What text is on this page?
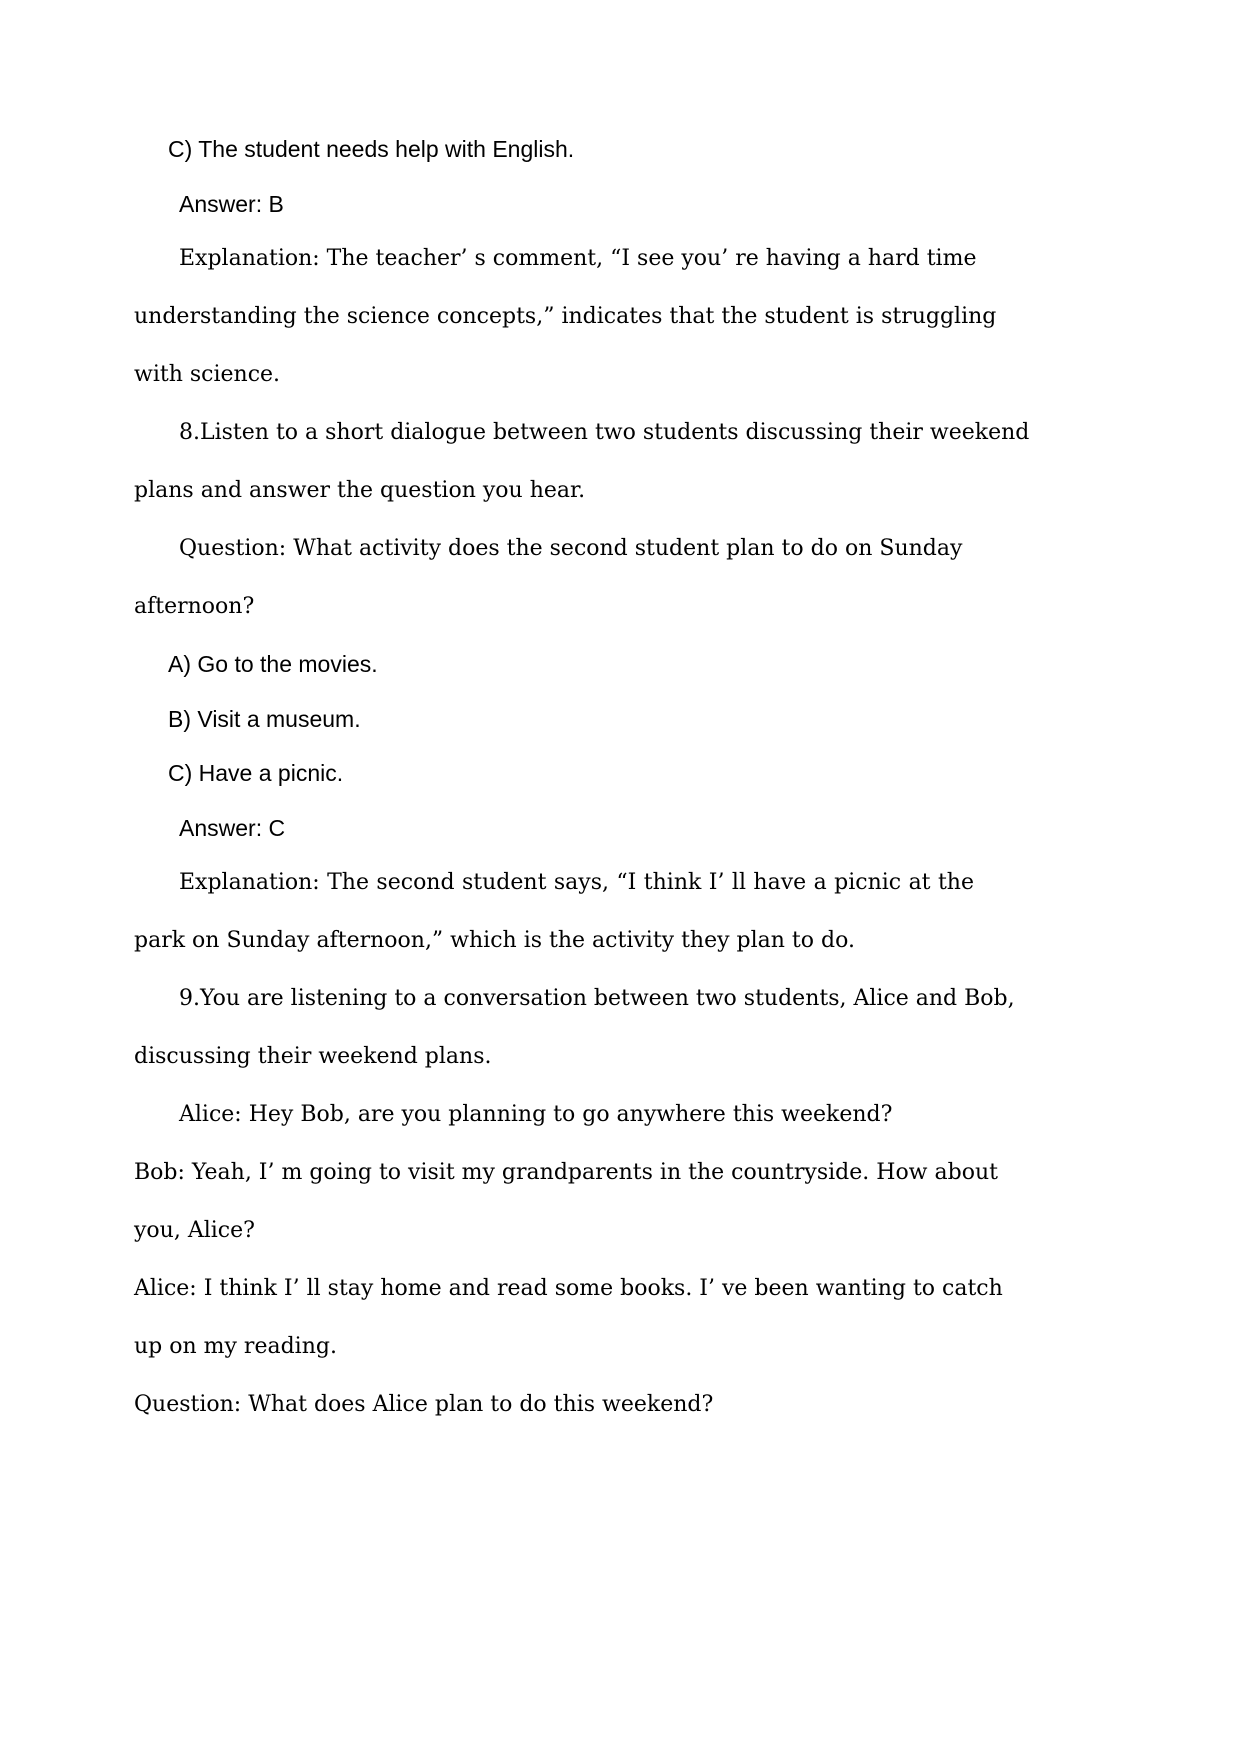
C) The student needs help with English.
Answer: B
Explanation: The teacher’ s comment, “I see you’ re having a hard time
understanding the science concepts,” indicates that the student is struggling
with science.
8.Listen to a short dialogue between two students discussing their weekend
plans and answer the question you hear.
Question: What activity does the second student plan to do on Sunday
afternoon?
A) Go to the movies.
B) Visit a museum.
C) Have a picnic.
Answer: C
Explanation: The second student says, “I think I’ ll have a picnic at the
park on Sunday afternoon,” which is the activity they plan to do.
9.You are listening to a conversation between two students, Alice and Bob,
discussing their weekend plans.
Alice: Hey Bob, are you planning to go anywhere this weekend?
Bob: Yeah, I’ m going to visit my grandparents in the countryside. How about
you, Alice?
Alice: I think I’ ll stay home and read some books. I’ ve been wanting to catch
up on my reading.
Question: What does Alice plan to do this weekend?
